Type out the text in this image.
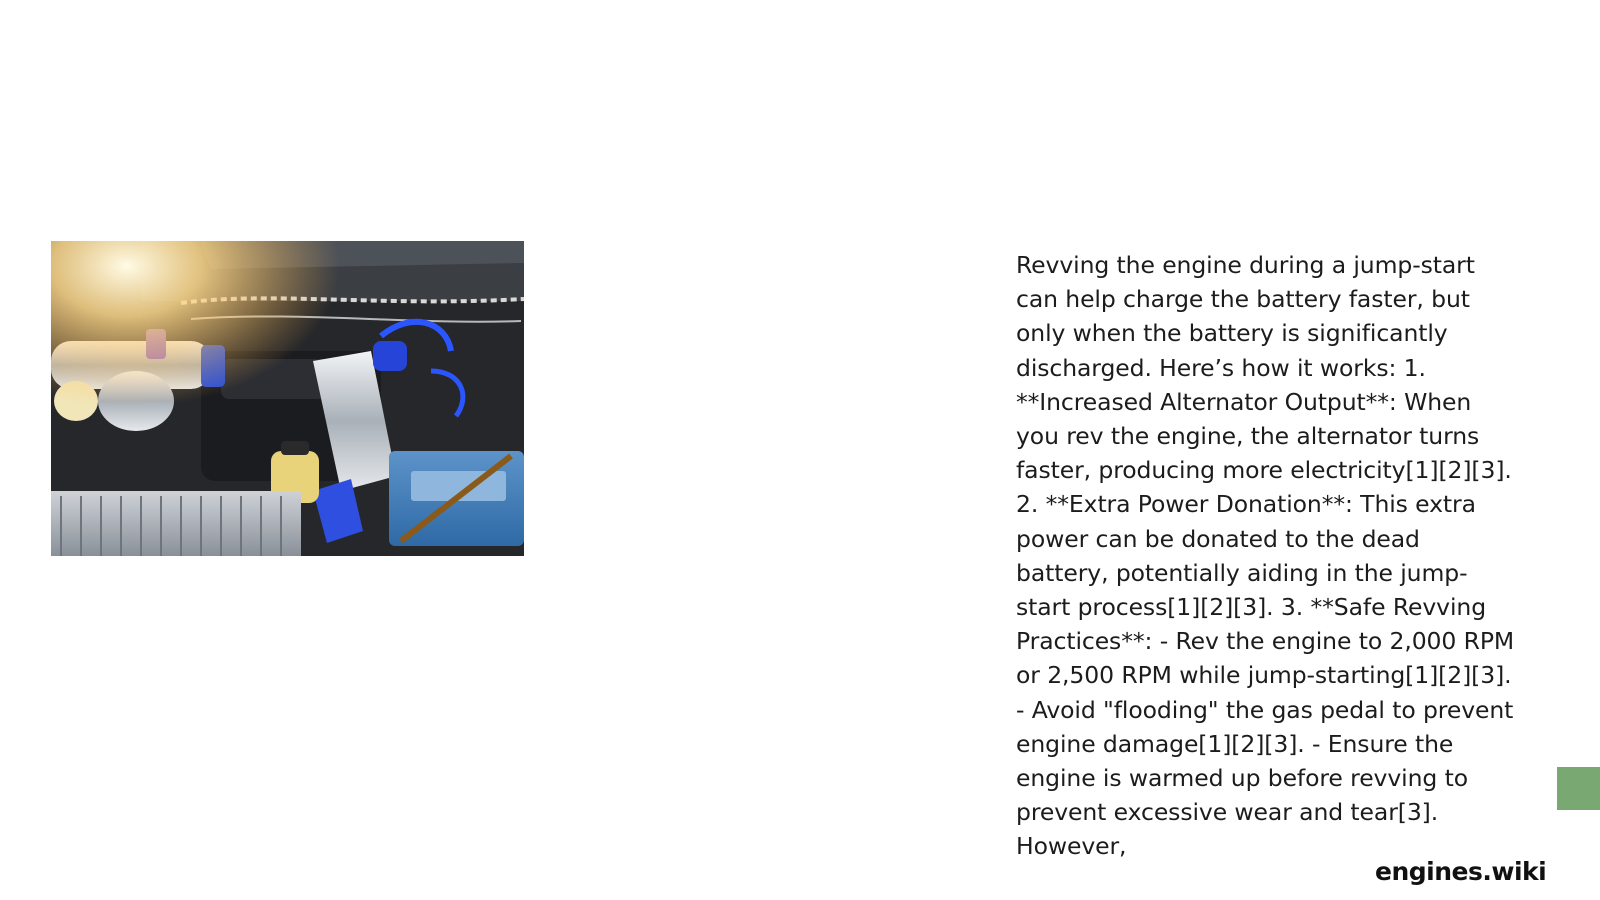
Revving the engine during a jump-start can help charge the battery faster, but only when the battery is significantly discharged. Here’s how it works: 1. **Increased Alternator Output**: When you rev the engine, the alternator turns faster, producing more electricity[1][2][3]. 2. **Extra Power Donation**: This extra power can be donated to the dead battery, potentially aiding in the jump-start process[1][2][3]. 3. **Safe Revving Practices**: - Rev the engine to 2,000 RPM or 2,500 RPM while jump-starting[1][2][3]. - Avoid "flooding" the gas pedal to prevent engine damage[1][2][3]. - Ensure the engine is warmed up before revving to prevent excessive wear and tear[3]. However,

engines.wiki
